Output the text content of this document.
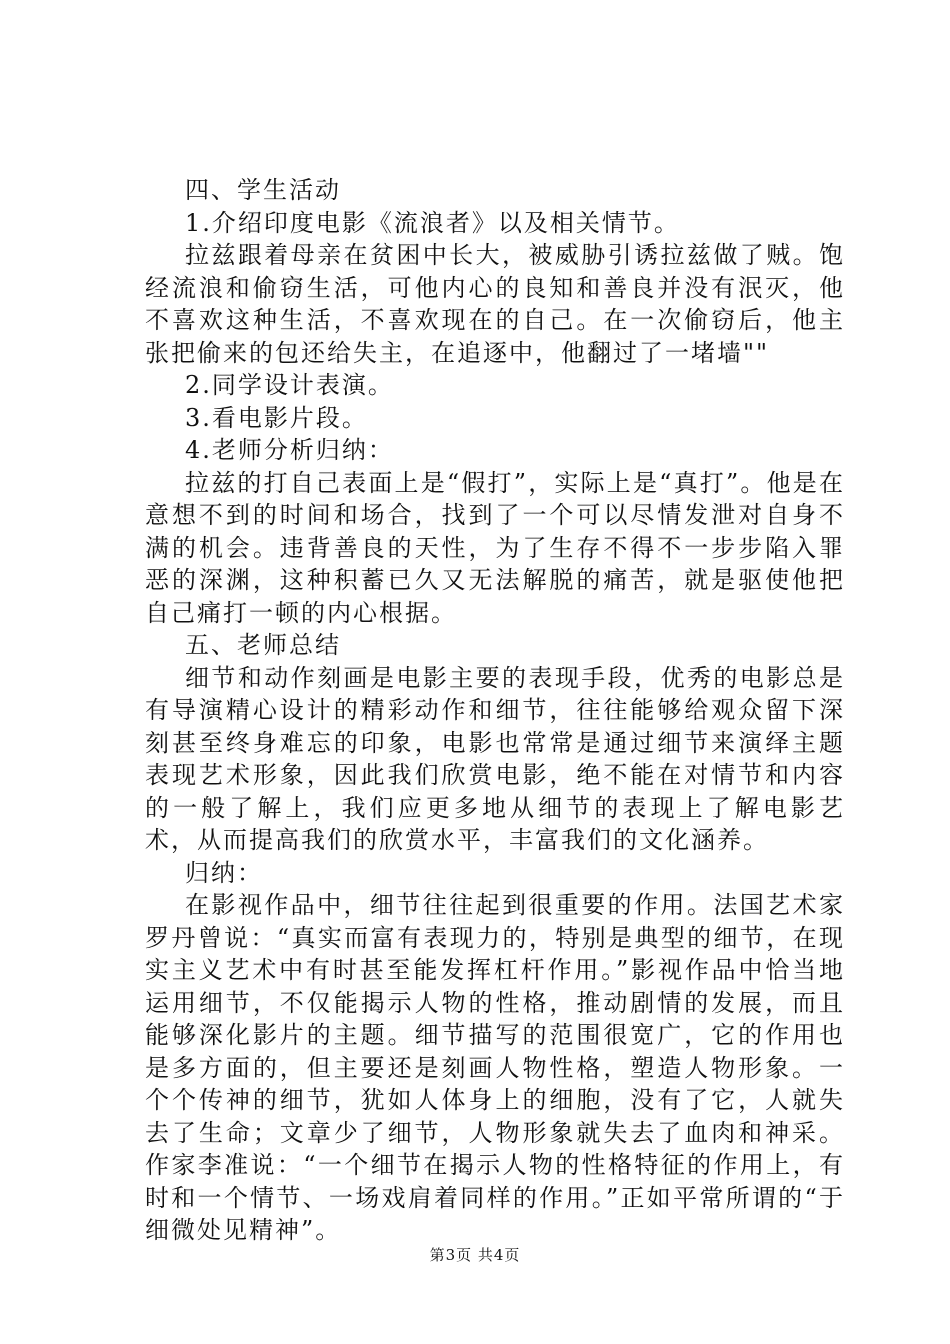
四、学生活动

1.介绍印度电影《流浪者》以及相关情节。

拉兹跟着母亲在贫困中长大，被威胁引诱拉兹做了贼。饱经流浪和偷窃生活，可他内心的良知和善良并没有泯灭，他不喜欢这种生活，不喜欢现在的自己。在一次偷窃后，他主张把偷来的包还给失主，在追逐中，他翻过了一堵墙""

2.同学设计表演。

3.看电影片段。

4.老师分析归纳：

拉兹的打自己表面上是“假打”，实际上是“真打”。他是在意想不到的时间和场合，找到了一个可以尽情发泄对自身不满的机会。违背善良的天性，为了生存不得不一步步陷入罪恶的深渊，这种积蓄已久又无法解脱的痛苦，就是驱使他把自己痛打一顿的内心根据。

五、老师总结

细节和动作刻画是电影主要的表现手段，优秀的电影总是有导演精心设计的精彩动作和细节，往往能够给观众留下深刻甚至终身难忘的印象，电影也常常是通过细节来演绎主题表现艺术形象，因此我们欣赏电影，绝不能在对情节和内容的一般了解上，我们应更多地从细节的表现上了解电影艺术，从而提高我们的欣赏水平，丰富我们的文化涵养。

归纳：

在影视作品中，细节往往起到很重要的作用。法国艺术家罗丹曾说：“真实而富有表现力的，特别是典型的细节，在现实主义艺术中有时甚至能发挥杠杆作用。”影视作品中恰当地运用细节，不仅能揭示人物的性格，推动剧情的发展，而且能够深化影片的主题。细节描写的范围很宽广，它的作用也是多方面的，但主要还是刻画人物性格，塑造人物形象。一个个传神的细节，犹如人体身上的细胞，没有了它，人就失去了生命；文章少了细节，人物形象就失去了血肉和神采。作家李准说：“一个细节在揭示人物的性格特征的作用上，有时和一个情节、一场戏肩着同样的作用。”正如平常所谓的“于细微处见精神”。

第3页 共4页
